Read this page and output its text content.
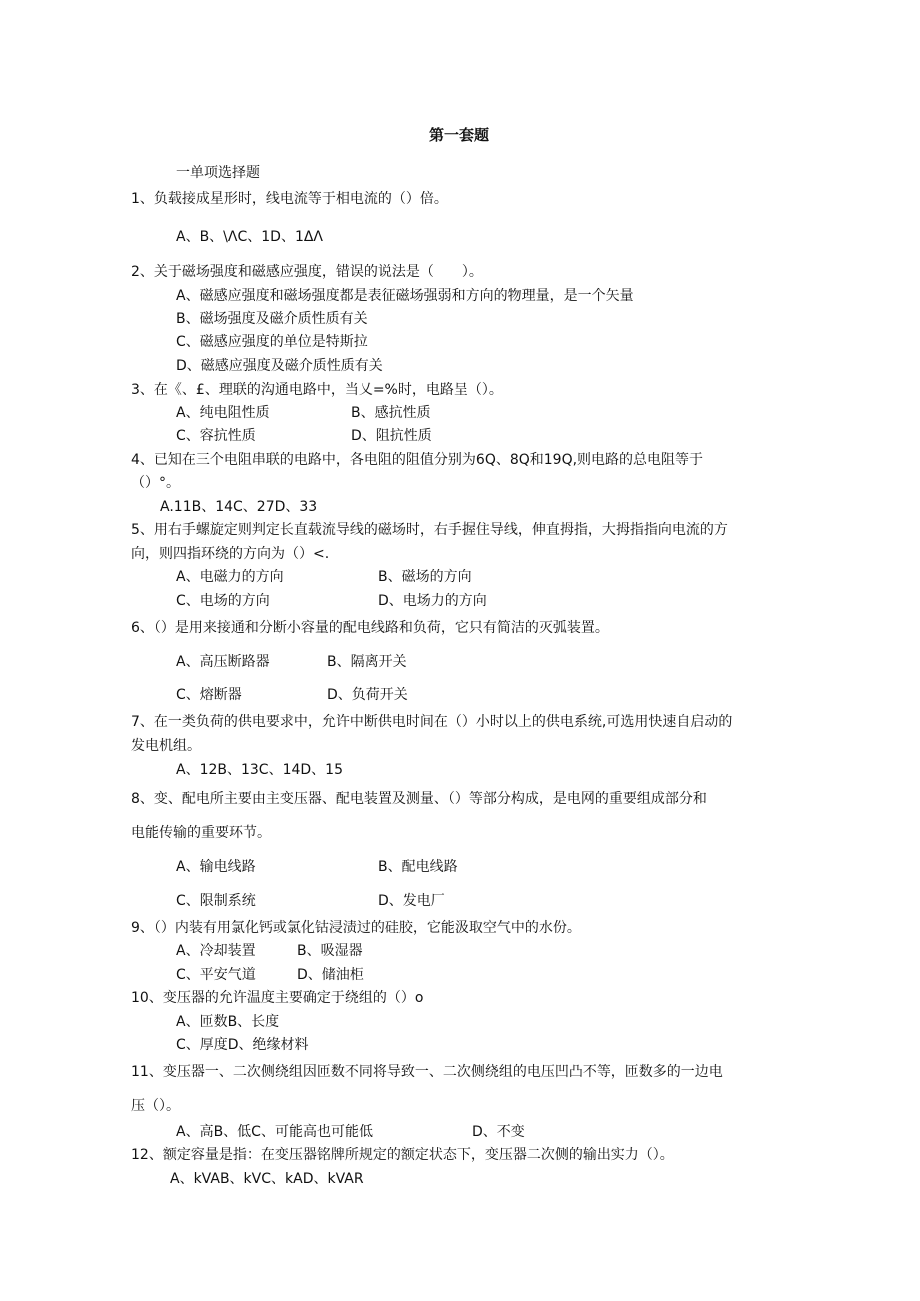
第一套题
一单项选择题
1、负载接成星形时，线电流等于相电流的（）倍。
A、B、\ΛC、1D、1ΔΛ
2、关于磁场强度和磁感应强度，错误的说法是（　　）。
A、磁感应强度和磁场强度都是表征磁场强弱和方向的物理量，是一个矢量
B、磁场强度及磁介质性质有关
C、磁感应强度的单位是特斯拉
D、磁感应强度及磁介质性质有关
3、在《、£、理联的沟通电路中，当乂=%时，电路呈（）。
A、纯电阻性质	B、感抗性质
C、容抗性质	D、阻抗性质
4、已知在三个电阻串联的电路中，各电阻的阻值分别为6Q、8Q和19Q,则电路的总电阻等于
（）°。
A.11B、14C、27D、33
5、用右手螺旋定则判定长直载流导线的磁场时，右手握住导线，伸直拇指，大拇指指向电流的方
向，则四指环绕的方向为（）<.
A、电磁力的方向	B、磁场的方向
C、电场的方向	D、电场力的方向
6、（）是用来接通和分断小容量的配电线路和负荷，它只有简洁的灭弧装置。
A、高压断路器	B、隔离开关
C、熔断器	D、负荷开关
7、在一类负荷的供电要求中，允许中断供电时间在（）小时以上的供电系统,可选用快速自启动的
发电机组。
A、12B、13C、14D、15
8、变、配电所主要由主变压器、配电装置及测量、（）等部分构成，是电网的重要组成部分和
电能传输的重要环节。
A、输电线路	B、配电线路
C、限制系统	D、发电厂
9、（）内装有用氯化钙或氯化钴浸渍过的硅胶，它能汲取空气中的水份。
A、冷却装置	B、吸湿器
C、平安气道	D、储油柜
10、变压器的允许温度主要确定于绕组的（）o
A、匝数B、长度
C、厚度D、绝缘材料
11、变压器一、二次侧绕组因匝数不同将导致一、二次侧绕组的电压凹凸不等，匝数多的一边电
压（）。
A、高B、低C、可能高也可能低	D、不变
12、额定容量是指：在变压器铭牌所规定的额定状态下，变压器二次侧的输出实力（）。
A、kVAB、kVC、kAD、kVAR
